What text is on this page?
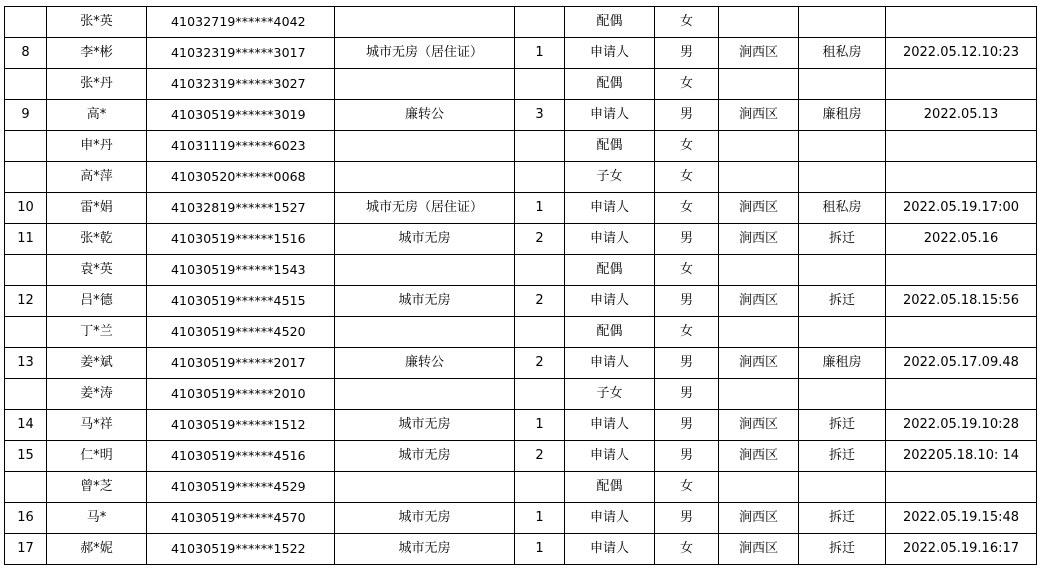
	张*英	41032719******4042			配偶	女			
8	李*彬	41032319******3017	城市无房（居住证）	1	申请人	男	涧西区	租私房	2022.05.12.10:23
	张*丹	41032319******3027			配偶	女			
9	高*	41030519******3019	廉转公	3	申请人	男	涧西区	廉租房	2022.05.13
	申*丹	41031119******6023			配偶	女			
	高*萍	41030520******0068			子女	女			
10	雷*娟	41032819******1527	城市无房（居住证）	1	申请人	女	涧西区	租私房	2022.05.19.17:00
11	张*乾	41030519******1516	城市无房	2	申请人	男	涧西区	拆迁	2022.05.16
	袁*英	41030519******1543			配偶	女			
12	吕*德	41030519******4515	城市无房	2	申请人	男	涧西区	拆迁	2022.05.18.15:56
	丁*兰	41030519******4520			配偶	女			
13	姜*斌	41030519******2017	廉转公	2	申请人	男	涧西区	廉租房	2022.05.17.09.48
	姜*涛	41030519******2010			子女	男			
14	马*祥	41030519******1512	城市无房	1	申请人	男	涧西区	拆迁	2022.05.19.10:28
15	仁*明	41030519******4516	城市无房	2	申请人	男	涧西区	拆迁	202205.18.10: 14
	曾*芝	41030519******4529			配偶	女			
16	马*	41030519******4570	城市无房	1	申请人	男	涧西区	拆迁	2022.05.19.15:48
17	郝*妮	41030519******1522	城市无房	1	申请人	女	涧西区	拆迁	2022.05.19.16:17
